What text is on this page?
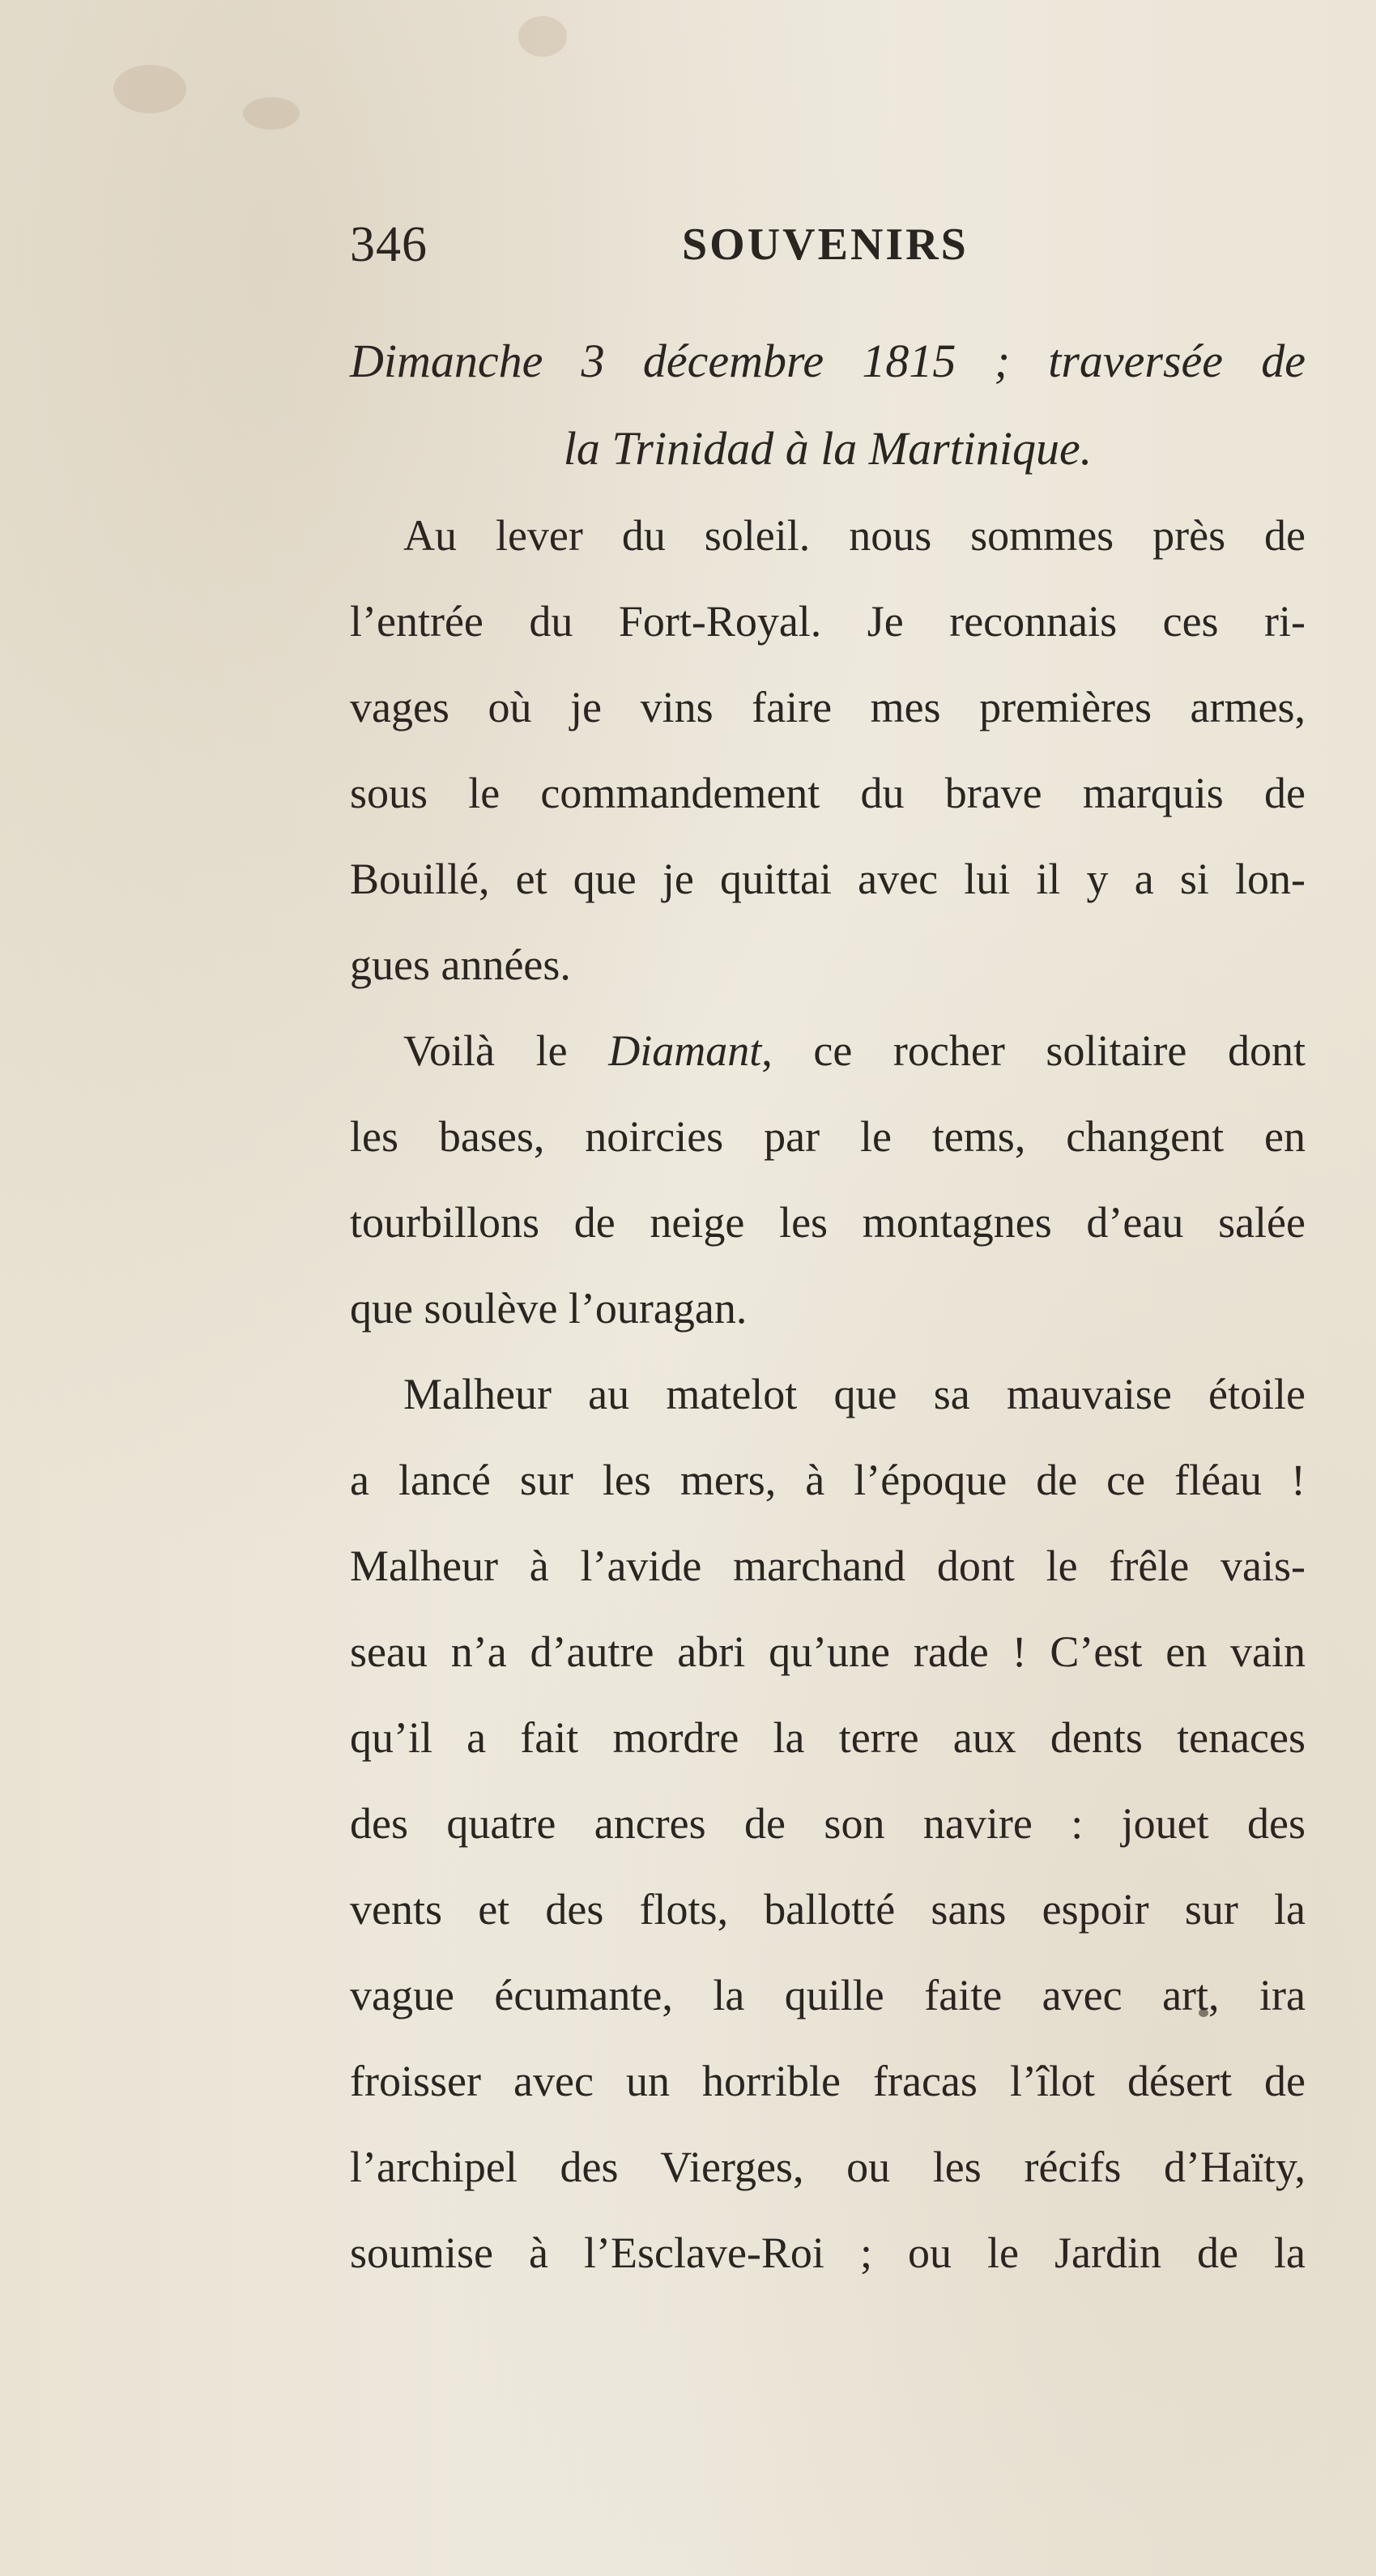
346	SOUVENIRS
Dimanche 3 décembre 1815 ; traversée de
la Trinidad à la Martinique.
Au lever du soleil. nous sommes près de
l’entrée du Fort-Royal. Je reconnais ces ri-
vages où je vins faire mes premières armes,
sous le commandement du brave marquis de
Bouillé, et que je quittai avec lui il y a si lon-
gues années.
Voilà le Diamant, ce rocher solitaire dont
les bases, noircies par le tems, changent en
tourbillons de neige les montagnes d’eau salée
que soulève l’ouragan.
Malheur au matelot que sa mauvaise étoile
a lancé sur les mers, à l’époque de ce fléau !
Malheur à l’avide marchand dont le frêle vais-
seau n’a d’autre abri qu’une rade ! C’est en vain
qu’il a fait mordre la terre aux dents tenaces
des quatre ancres de son navire : jouet des
vents et des flots, ballotté sans espoir sur la
vague écumante, la quille faite avec art, ira
froisser avec un horrible fracas l’îlot désert de
l’archipel des Vierges, ou les récifs d’Haïty,
soumise à l’Esclave-Roi ; ou le Jardin de la
